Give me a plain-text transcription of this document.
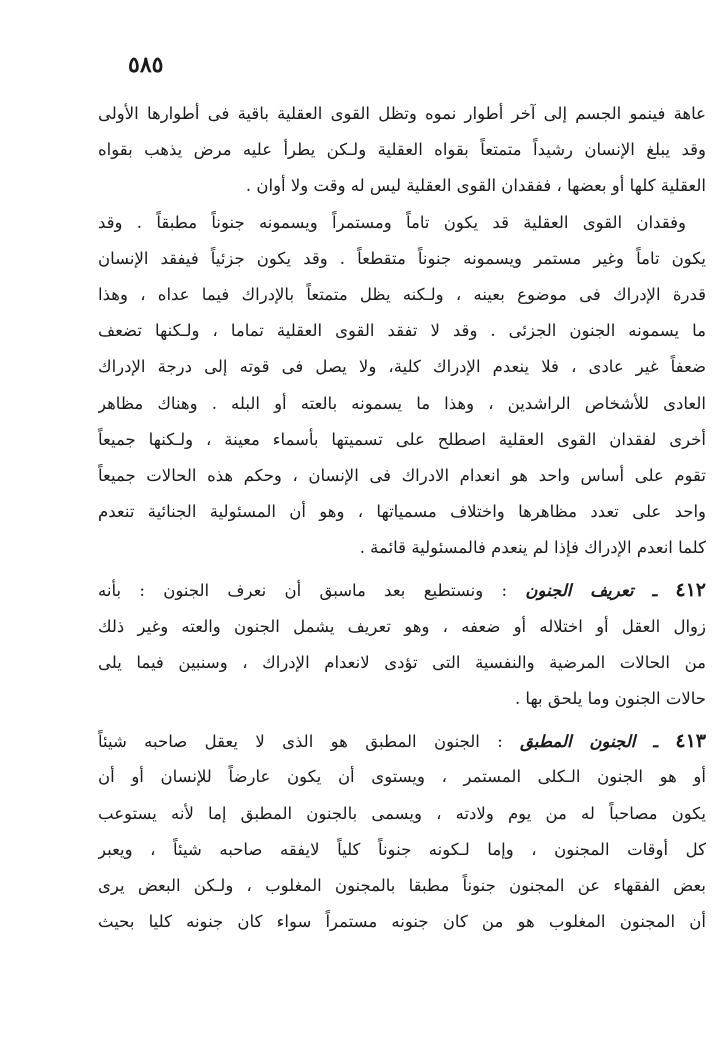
٥٨٥
عاهة فينمو الجسم إلى آخر أطوار نموه وتظل القوى العقلية باقية فى أطوارها الأولى
وقد يبلغ الإنسان رشيداً متمتعاً بقواه العقلية ولـكن يطرأ عليه مرض يذهب بقواه
العقلية كلها أو بعضها ، ففقدان القوى العقلية ليس له وقت ولا أوان .
وفقدان القوى العقلية قد يكون تاماً ومستمراً ويسمونه جنوناً مطبقاً . وقد
يكون تاماً وغير مستمر ويسمونه جنوناً متقطعاً . وقد يكون جزئياً فيفقد الإنسان
قدرة الإدراك فى موضوع بعينه ، ولـكنه يظل متمتعاً بالإدراك فيما عداه ، وهذا
ما يسمونه الجنون الجزئى . وقد لا تفقد القوى العقلية تماما ، ولـكنها تضعف
ضعفاً غير عادى ، فلا ينعدم الإدراك كلية، ولا يصل فى قوته إلى درجة الإدراك
العادى للأشخاص الراشدين ، وهذا ما يسمونه بالعته أو البله . وهناك مظاهر
أخرى لفقدان القوى العقلية اصطلح على تسميتها بأسماء معينة ، ولـكنها جميعاً
تقوم على أساس واحد هو انعدام الادراك فى الإنسان ، وحكم هذه الحالات جميعاً
واحد على تعدد مظاهرها واختلاف مسمياتها ، وهو أن المسئولية الجنائية تنعدم
كلما انعدم الإدراك فإذا لم ينعدم فالمسئولية قائمة .
٤١٢ ـ تعريف الجنون : ونستطيع بعد ماسبق أن نعرف الجنون : بأنه
زوال العقل أو اختلاله أو ضعفه ، وهو تعريف يشمل الجنون والعته وغير ذلك
من الحالات المرضية والنفسية التى تؤدى لانعدام الإدراك ، وسنبين فيما يلى
حالات الجنون وما يلحق بها .
٤١٣ ـ الجنون المطبق : الجنون المطبق هو الذى لا يعقل صاحبه شيئاً
أو هو الجنون الـكلى المستمر ، ويستوى أن يكون عارضاً للإنسان أو أن
يكون مصاحباً له من يوم ولادته ، ويسمى بالجنون المطبق إما لأنه يستوعب
كل أوقات المجنون ، وإما لـكونه جنوناً كلياً لايفقه صاحبه شيئاً ، ويعبر
بعض الفقهاء عن المجنون جنوناً مطبقا بالمجنون المغلوب ، ولـكن البعض يرى
أن المجنون المغلوب هو من كان جنونه مستمراً سواء كان جنونه كليا بحيث
